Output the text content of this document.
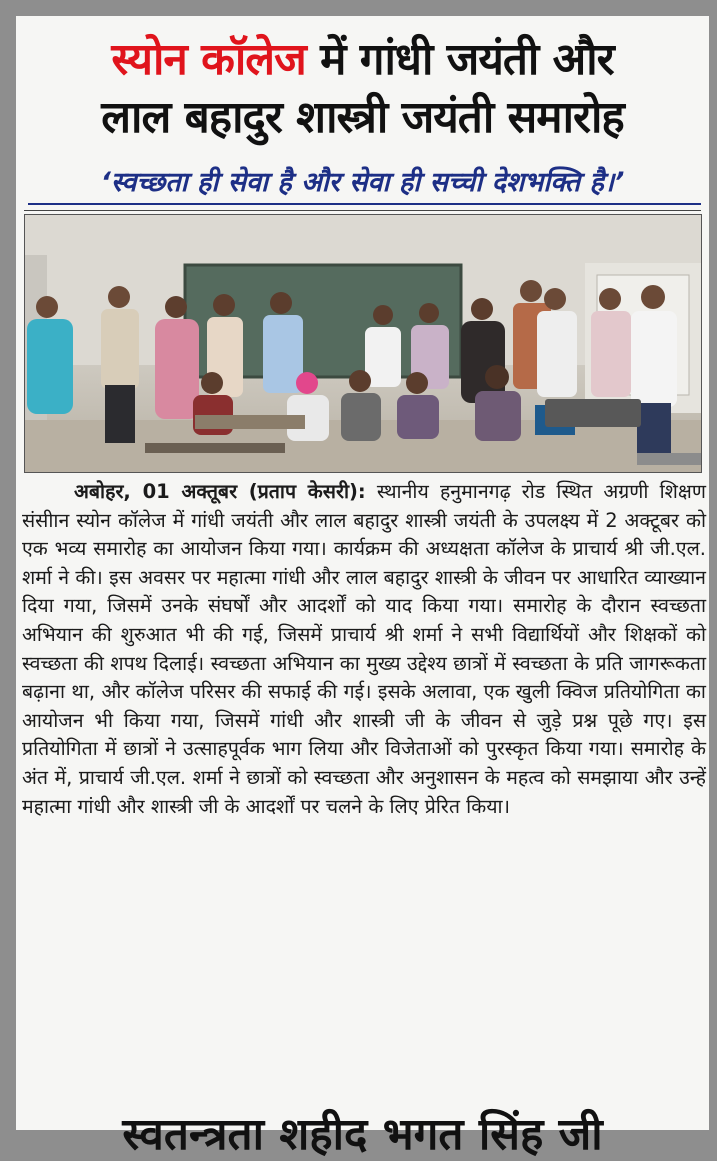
स्योन कॉलेज में गांधी जयंती और
लाल बहादुर शास्त्री जयंती समारोह
‘स्वच्छता ही सेवा है और सेवा ही सच्ची देशभक्ति है।’
अबोहर, 01 अक्तूबर (प्रताप केसरी): स्थानीय हनुमानगढ़ रोड स्थित अग्रणी शिक्षण संसीान स्योन कॉलेज में गांधी जयंती और लाल बहादुर शास्त्री जयंती के उपलक्ष्य में 2 अक्टूबर को एक भव्य समारोह का आयोजन किया गया। कार्यक्रम की अध्यक्षता कॉलेज के प्राचार्य श्री जी.एल. शर्मा ने की। इस अवसर पर महात्मा गांधी और लाल बहादुर शास्त्री के जीवन पर आधारित व्याख्यान दिया गया, जिसमें उनके संघर्षों और आदर्शों को याद किया गया। समारोह के दौरान स्वच्छता अभियान की शुरुआत भी की गई, जिसमें प्राचार्य श्री शर्मा ने सभी विद्यार्थियों और शिक्षकों को स्वच्छता की शपथ दिलाई। स्वच्छता अभियान का मुख्य उद्देश्य छात्रों में स्वच्छता के प्रति जागरूकता बढ़ाना था, और कॉलेज परिसर की सफाई की गई। इसके अलावा, एक खुली क्विज प्रतियोगिता का आयोजन भी किया गया, जिसमें गांधी और शास्त्री जी के जीवन से जुड़े प्रश्न पूछे गए। इस प्रतियोगिता में छात्रों ने उत्साहपूर्वक भाग लिया और विजेताओं को पुरस्कृत किया गया। समारोह के अंत में, प्राचार्य जी.एल. शर्मा ने छात्रों को स्वच्छता और अनुशासन के महत्व को समझाया और उन्हें महात्मा गांधी और शास्त्री जी के आदर्शों पर चलने के लिए प्रेरित किया।
स्वतन्त्रता शहीद भगत सिंह जी
